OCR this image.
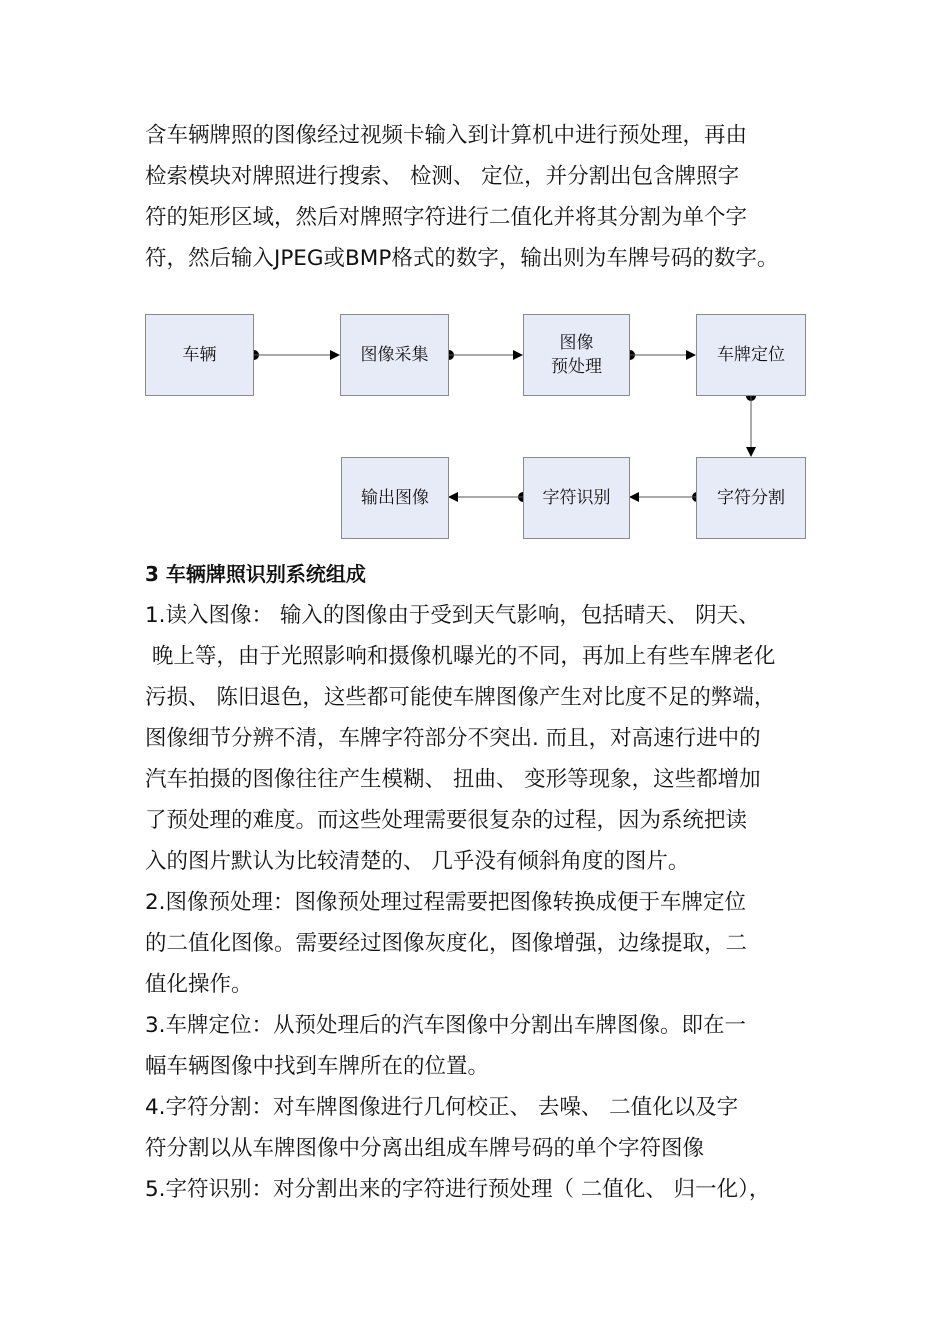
含车辆牌照的图像经过视频卡输入到计算机中进行预处理，再由
检索模块对牌照进行搜索、 检测、 定位，并分割出包含牌照字
符的矩形区域，然后对牌照字符进行二值化并将其分割为单个字
符，然后输入JPEG或BMP格式的数字，输出则为车牌号码的数字。
车辆	图像采集
图像
预处理
车牌定位
字符分割
字符识别
输出图像
3 车辆牌照识别系统组成
1.读入图像： 输入的图像由于受到天气影响，包括晴天、 阴天、
晚上等，由于光照影响和摄像机曝光的不同，再加上有些车牌老化
污损、 陈旧退色，这些都可能使车牌图像产生对比度不足的弊端，
图像细节分辨不清，车牌字符部分不突出. 而且，对高速行进中的
汽车拍摄的图像往往产生模糊、 扭曲、 变形等现象，这些都增加
了预处理的难度。而这些处理需要很复杂的过程，因为系统把读
入的图片默认为比较清楚的、 几乎没有倾斜角度的图片。
2.图像预处理：图像预处理过程需要把图像转换成便于车牌定位
的二值化图像。需要经过图像灰度化，图像增强，边缘提取，二
值化操作。
3.车牌定位：从预处理后的汽车图像中分割出车牌图像。即在一
幅车辆图像中找到车牌所在的位置。
4.字符分割：对车牌图像进行几何校正、 去噪、 二值化以及字
符分割以从车牌图像中分离出组成车牌号码的单个字符图像
5.字符识别：对分割出来的字符进行预处理（ 二值化、 归一化），
